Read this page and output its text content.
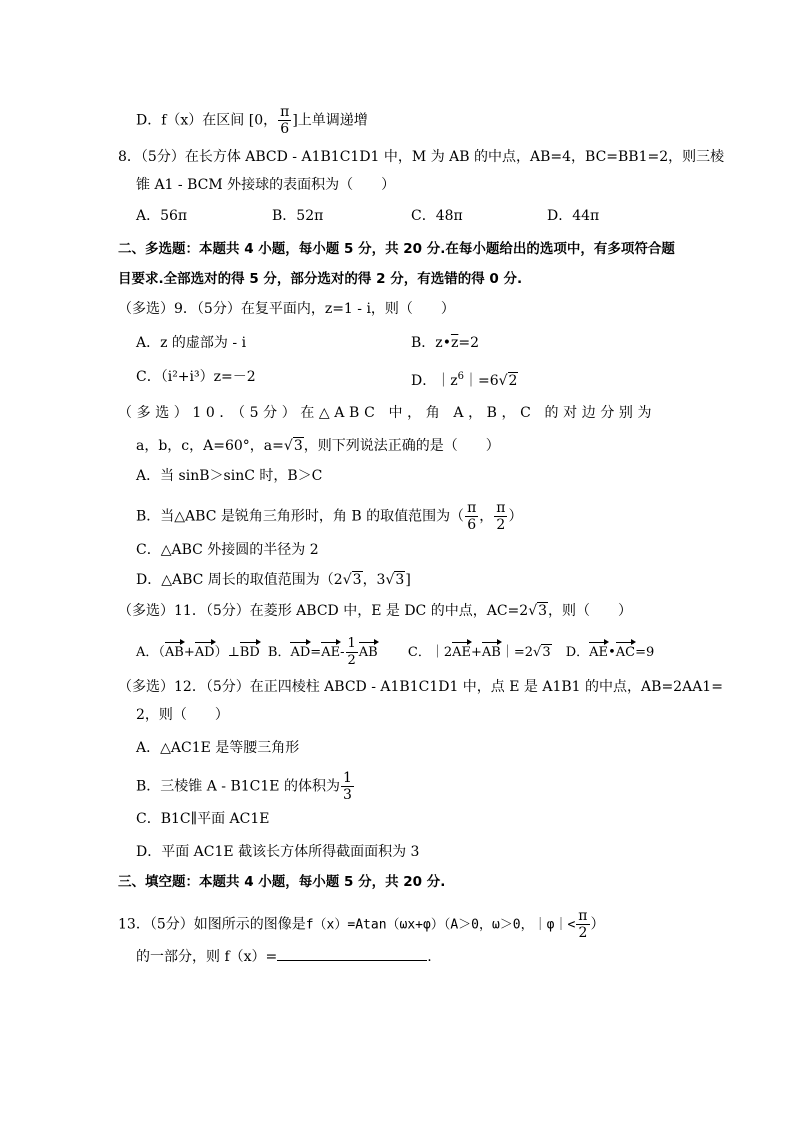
D．f（x）在区间 [0， $\frac{\pi}{6}$ ]上单调递增
8．（5分）在长方体 ABCD - A1B1C1D1 中，M 为 AB 的中点，AB=4，BC=BB1=2，则三棱
锥 A1 - BCM 外接球的表面积为（　　）
A．56π	B．52π	C．48π	D．44π
二、多选题：本题共 4 小题，每小题 5 分，共 20 分.在每小题给出的选项中，有多项符合题
目要求.全部选对的得 5 分，部分选对的得 2 分，有选错的得 0 分.
（多选）9．（5分）在复平面内，z=1 - i，则（　　）
A．z 的虚部为 - i	B．$z•\overline{z}=2$
C．（i²+i³）z=－2	D．$|z^6|=6√2$
（多选）10．（5分）在△ABC 中，角 A，B，C 的对边分别为
a，b，c，A=60°，a=√3，则下列说法正确的是（　　）
A．当 sinB＞sinC 时，B＞C
B．当△ABC 是锐角三角形时，角 B 的取值范围为（ $\frac{\pi}{6}$ ， $\frac{\pi}{2}$ ）
C．△ABC 外接圆的半径为 2
D．△ABC 周长的取值范围为（2√3，3√3]
（多选）11．（5分）在菱形 ABCD 中，E 是 DC 的中点，AC=2√3，则（　　）
A．（AB+AD）⊥BD B．$AD=AE- \frac{1}{2}$ AB C．｜2AE+AB｜=2√3 D．AE•AC=9
（多选）12．（5分）在正四棱柱 ABCD - A1B1C1D1 中，点 E 是 A1B1 的中点，AB=2AA1=
2，则（　　）
A．△AC1E 是等腰三角形
B．三棱锥 A - B1C1E 的体积为 $\frac{1}{3}$
C．B1C∥平面 AC1E
D．平面 AC1E 截该长方体所得截面面积为 3
三、填空题：本题共 4 小题，每小题 5 分，共 20 分.
13．（5分）如图所示的图像是f（x）=Atan（ωx+φ）（A＞0，ω＞0，｜φ｜< $\frac{\pi}{2}$ ）
的一部分，则 f（x）=	.
